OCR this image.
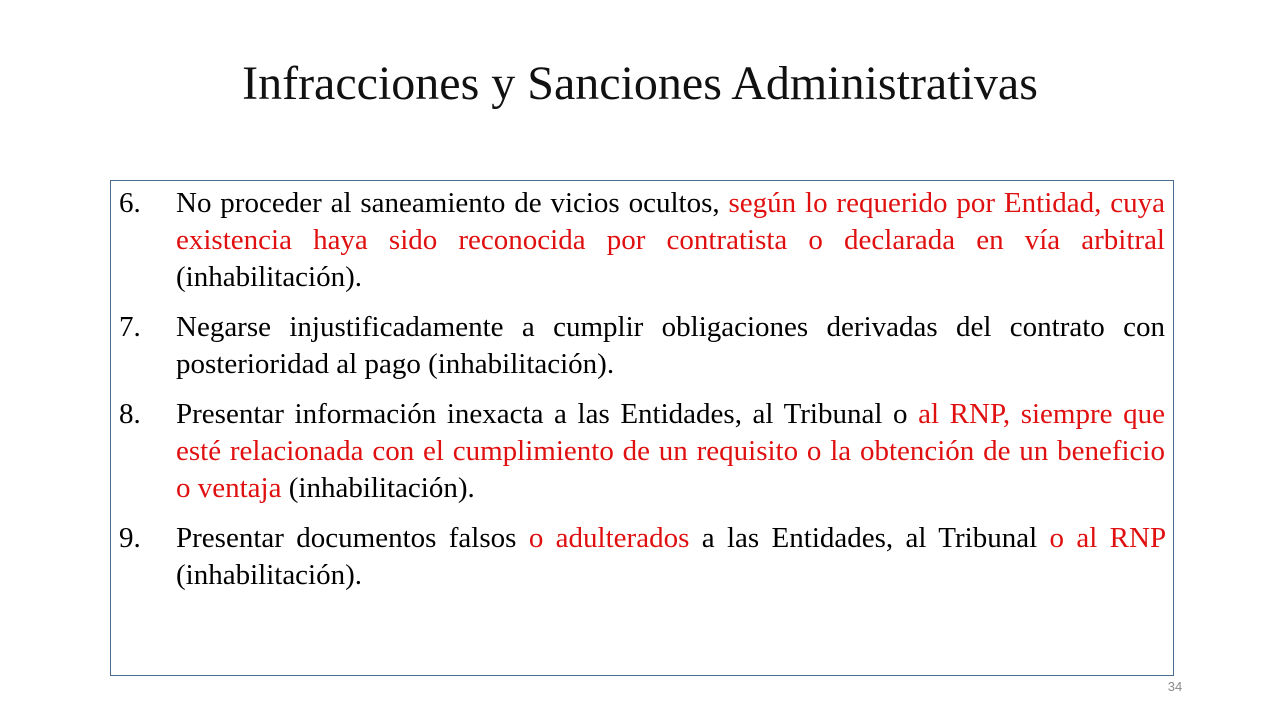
Infracciones y Sanciones Administrativas
6. No proceder al saneamiento de vicios ocultos, según lo requerido por Entidad, cuya existencia haya sido reconocida por contratista o declarada en vía arbitral (inhabilitación).
7. Negarse injustificadamente a cumplir obligaciones derivadas del contrato con posterioridad al pago (inhabilitación).
8. Presentar información inexacta a las Entidades, al Tribunal o al RNP, siempre que esté relacionada con el cumplimiento de un requisito o la obtención de un beneficio o ventaja (inhabilitación).
9. Presentar documentos falsos o adulterados a las Entidades, al Tribunal o al RNP (inhabilitación).
34
